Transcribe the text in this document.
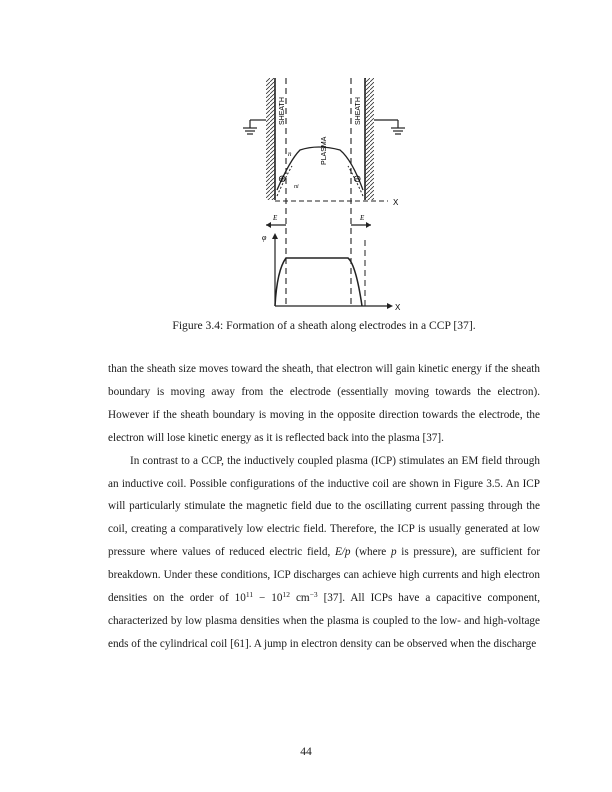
SHEATH	SHEATH
PLASMA
n
ni
⊕	⊖
X
E	E
φ
X
Figure 3.4: Formation of a sheath along electrodes in a CCP [37].

than the sheath size moves toward the sheath, that electron will gain kinetic energy if the sheath boundary is moving away from the electrode (essentially moving towards the electron). However if the sheath boundary is moving in the opposite direction towards the electrode, the electron will lose kinetic energy as it is reflected back into the plasma [37].

In contrast to a CCP, the inductively coupled plasma (ICP) stimulates an EM field through an inductive coil. Possible configurations of the inductive coil are shown in Figure 3.5. An ICP will particularly stimulate the magnetic field due to the oscillating current passing through the coil, creating a comparatively low electric field. Therefore, the ICP is usually generated at low pressure where values of reduced electric field, E/p (where p is pressure), are sufficient for breakdown. Under these conditions, ICP discharges can achieve high currents and high electron densities on the order of $10^{11} - 10^{12}$ $cm^{-3}$ [37]. All ICPs have a capacitive component, characterized by low plasma densities when the plasma is coupled to the low- and high-voltage ends of the cylindrical coil [61]. A jump in electron density can be observed when the discharge

44
